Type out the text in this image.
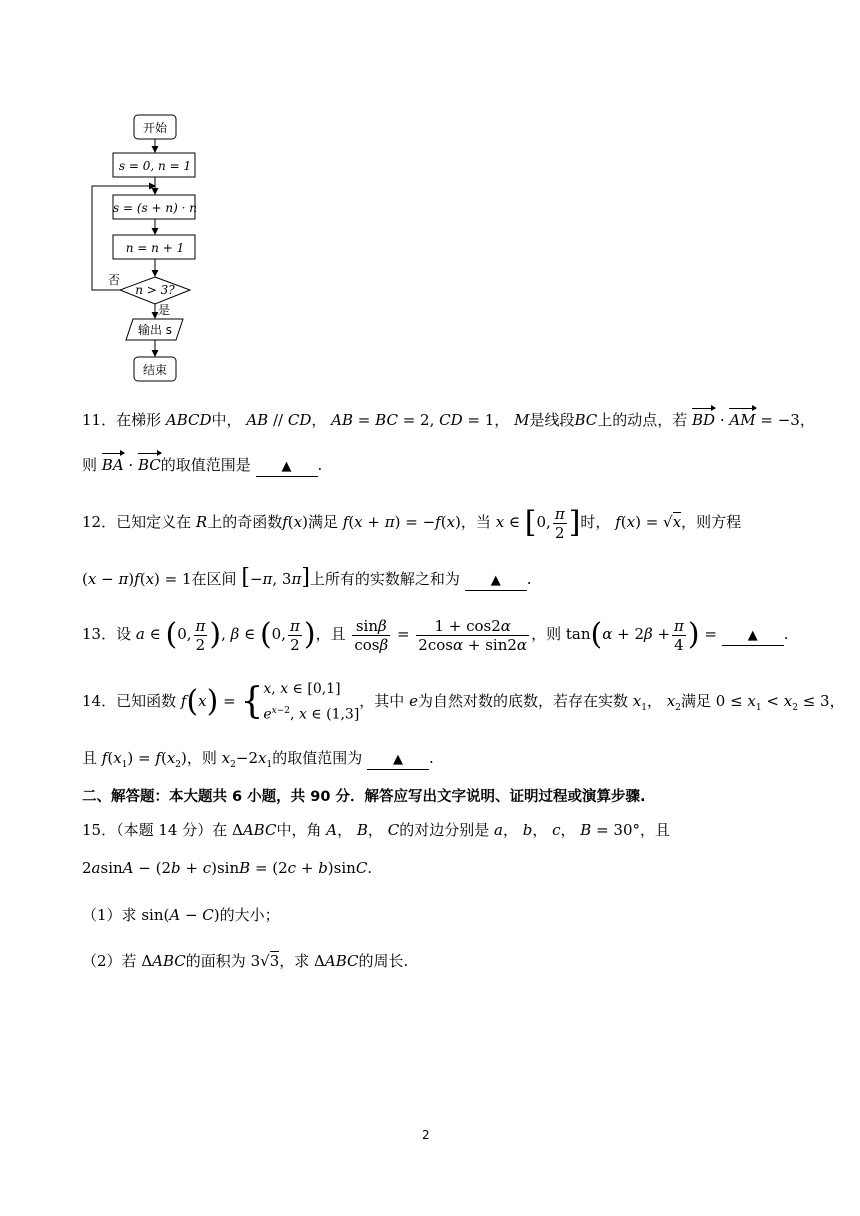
开始
s = 0, n = 1
s = (s + n) · n
n = n + 1
n > 3?
否
是
输出 s
结束
11．在梯形 ABCD中， AB // CD， AB = BC = 2, CD = 1， M是线段BC上的动点，若 BD · AM = −3，
则 BA · BC的取值范围是 ▲ .
12．已知定义在 R上的奇函数f(x)满足 f(x + π) = −f(x)，当 x ∈ [0, $\frac{\pi}{2}$ ]时， f(x) = √x，则方程
(x − π)f(x) = 1在区间 [−π, 3π]上所有的实数解之和为 ▲ .
13．设 a ∈ (0, $\frac{\pi}{2}$ ), β ∈ (0, $\frac{\pi}{2}$ )，且 $\frac{\sin\beta}{\cos\beta} = \frac{1 + \cos 2\alpha}{2\cos\alpha + \sin 2\alpha}$ ，则 $\tan(\alpha + 2\beta + \frac{\pi}{4}$ ) = ▲ .
14．已知函数 f(x) = { x, x ∈ [0,1]
$e^{x-2}$, x ∈ (1,3]
，其中 e为自然对数的底数，若存在实数 $x_1$， $x_2$满足 $0 \le x_1 < x_2 \le 3$，
且 $f(x_1) = f(x_2)$，则 $x_2-2x_1$的取值范围为 ▲ .
二、解答题：本大题共 6 小题，共 90 分．解答应写出文字说明、证明过程或演算步骤.
15．（本题 14 分）在 ΔABC中，角 A， B， C的对边分别是 a， b， c， B = 30°，且
2asinA − (2b + c)sinB = (2c + b)sinC.
（1）求 sin(A − C)的大小；
（2）若 ΔABC的面积为 3√3，求 ΔABC的周长.
2
